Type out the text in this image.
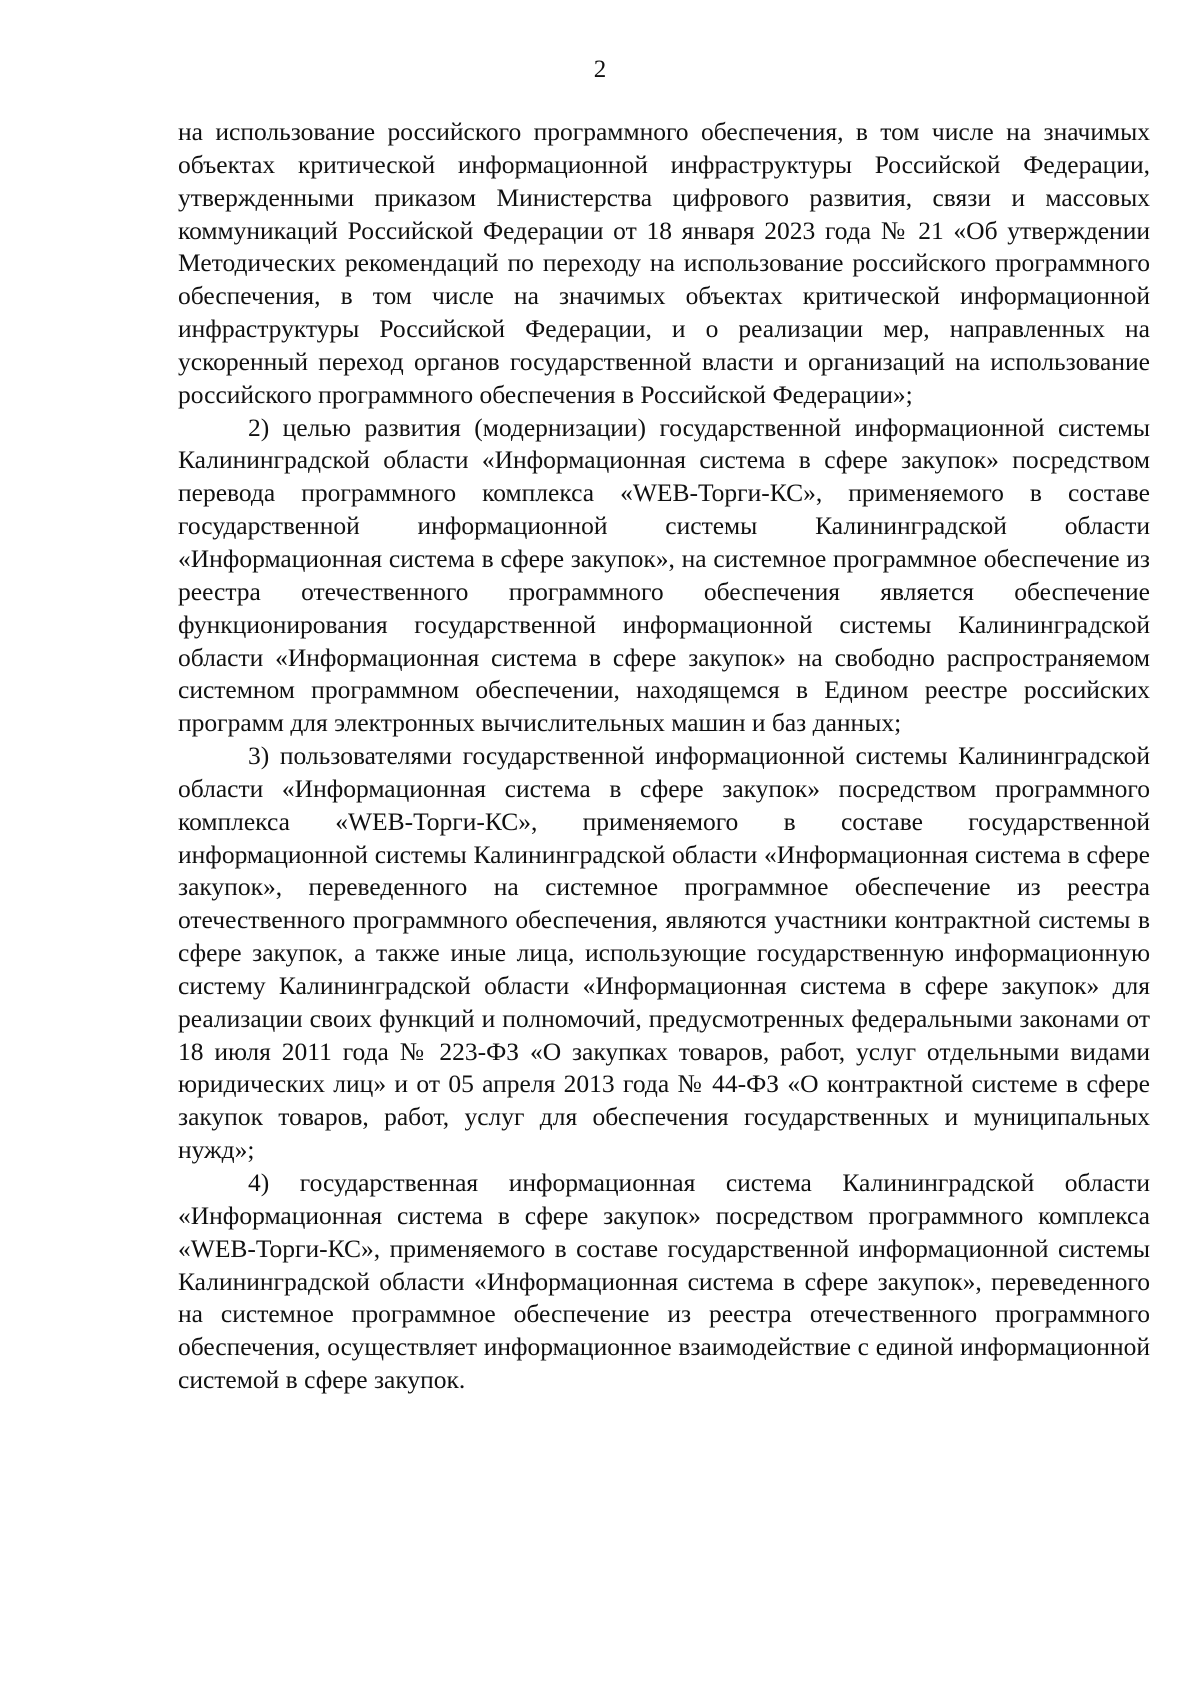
2

на использование российского программного обеспечения, в том числе на значимых объектах критической информационной инфраструктуры Российской Федерации, утвержденными приказом Министерства цифрового развития, связи и массовых коммуникаций Российской Федерации от 18 января 2023 года № 21 «Об утверждении Методических рекомендаций по переходу на использование российского программного обеспечения, в том числе на значимых объектах критической информационной инфраструктуры Российской Федерации, и о реализации мер, направленных на ускоренный переход органов государственной власти и организаций на использование российского программного обеспечения в Российской Федерации»;

2) целью развития (модернизации) государственной информационной системы Калининградской области «Информационная система в сфере закупок» посредством перевода программного комплекса «WEB-Торги-КС», применяемого в составе государственной информационной системы Калининградской области «Информационная система в сфере закупок», на системное программное обеспечение из реестра отечественного программного обеспечения является обеспечение функционирования государственной информационной системы Калининградской области «Информационная система в сфере закупок» на свободно распространяемом системном программном обеспечении, находящемся в Едином реестре российских программ для электронных вычислительных машин и баз данных;

3) пользователями государственной информационной системы Калининградской области «Информационная система в сфере закупок» посредством программного комплекса «WEB-Торги-КС», применяемого в составе государственной информационной системы Калининградской области «Информационная система в сфере закупок», переведенного на системное программное обеспечение из реестра отечественного программного обеспечения, являются участники контрактной системы в сфере закупок, а также иные лица, использующие государственную информационную систему Калининградской области «Информационная система в сфере закупок» для реализации своих функций и полномочий, предусмотренных федеральными законами от 18 июля 2011 года № 223-ФЗ «О закупках товаров, работ, услуг отдельными видами юридических лиц» и от 05 апреля 2013 года № 44-ФЗ «О контрактной системе в сфере закупок товаров, работ, услуг для обеспечения государственных и муниципальных нужд»;

4) государственная информационная система Калининградской области «Информационная система в сфере закупок» посредством программного комплекса «WEB-Торги-КС», применяемого в составе государственной информационной системы Калининградской области «Информационная система в сфере закупок», переведенного на системное программное обеспечение из реестра отечественного программного обеспечения, осуществляет информационное взаимодействие с единой информационной системой в сфере закупок.
